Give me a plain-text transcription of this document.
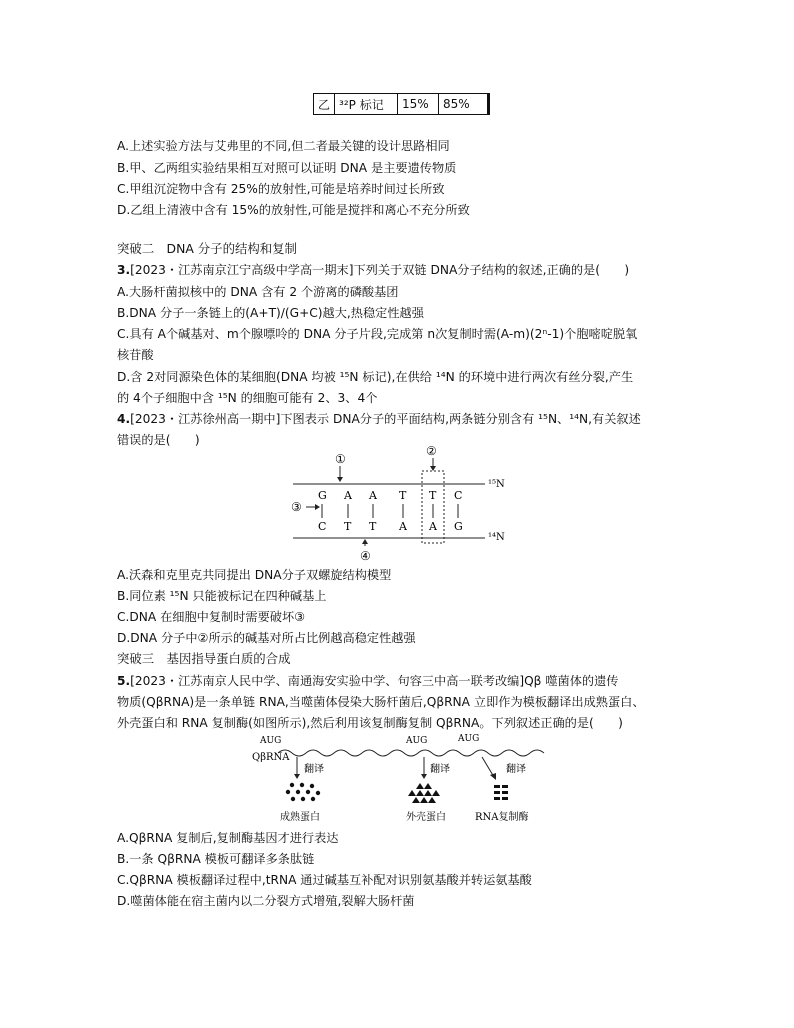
乙	³²P 标记	15%	85%
A.上述实验方法与艾弗里的不同,但二者最关键的设计思路相同
B.甲、乙两组实验结果相互对照可以证明 DNA 是主要遗传物质
C.甲组沉淀物中含有 25%的放射性,可能是培养时间过长所致
D.乙组上清液中含有 15%的放射性,可能是搅拌和离心不充分所致
突破二　DNA 分子的结构和复制
3.[2023・江苏南京江宁高级中学高一期末]下列关于双链 DNA分子结构的叙述,正确的是(　　)
A.大肠杆菌拟核中的 DNA 含有 2 个游离的磷酸基团
B.DNA 分子一条链上的(A+T)/(G+C)越大,热稳定性越强
C.具有 A个碱基对、m个腺嘌呤的 DNA 分子片段,完成第 n次复制时需(A-m)(2ⁿ-1)个胞嘧啶脱氧
核苷酸
D.含 2对同源染色体的某细胞(DNA 均被 ¹⁵N 标记),在供给 ¹⁴N 的环境中进行两次有丝分裂,产生
的 4个子细胞中含 ¹⁵N 的细胞可能有 2、3、4个
4.[2023・江苏徐州高一期中]下图表示 DNA分子的平面结构,两条链分别含有 ¹⁵N、¹⁴N,有关叙述
错误的是(　　)
¹⁵N
¹⁴N
G A A T T C
C T T A A G
①
②
③
④
A.沃森和克里克共同提出 DNA分子双螺旋结构模型
B.同位素 ¹⁵N 只能被标记在四种碱基上
C.DNA 在细胞中复制时需要破坏③
D.DNA 分子中②所示的碱基对所占比例越高稳定性越强
突破三　基因指导蛋白质的合成
5.[2023・江苏南京人民中学、南通海安实验中学、句容三中高一联考改编]Qβ 噬菌体的遗传
物质(QβRNA)是一条单链 RNA,当噬菌体侵染大肠杆菌后,QβRNA 立即作为模板翻译出成熟蛋白、
外壳蛋白和 RNA 复制酶(如图所示),然后利用该复制酶复制 QβRNA。下列叙述正确的是(　　)
QβRNA
AUG	AUG	AUG
翻译	翻译	翻译
成熟蛋白	外壳蛋白	RNA复制酶
A.QβRNA 复制后,复制酶基因才进行表达
B.一条 QβRNA 模板可翻译多条肽链
C.QβRNA 模板翻译过程中,tRNA 通过碱基互补配对识别氨基酸并转运氨基酸
D.噬菌体能在宿主菌内以二分裂方式增殖,裂解大肠杆菌
